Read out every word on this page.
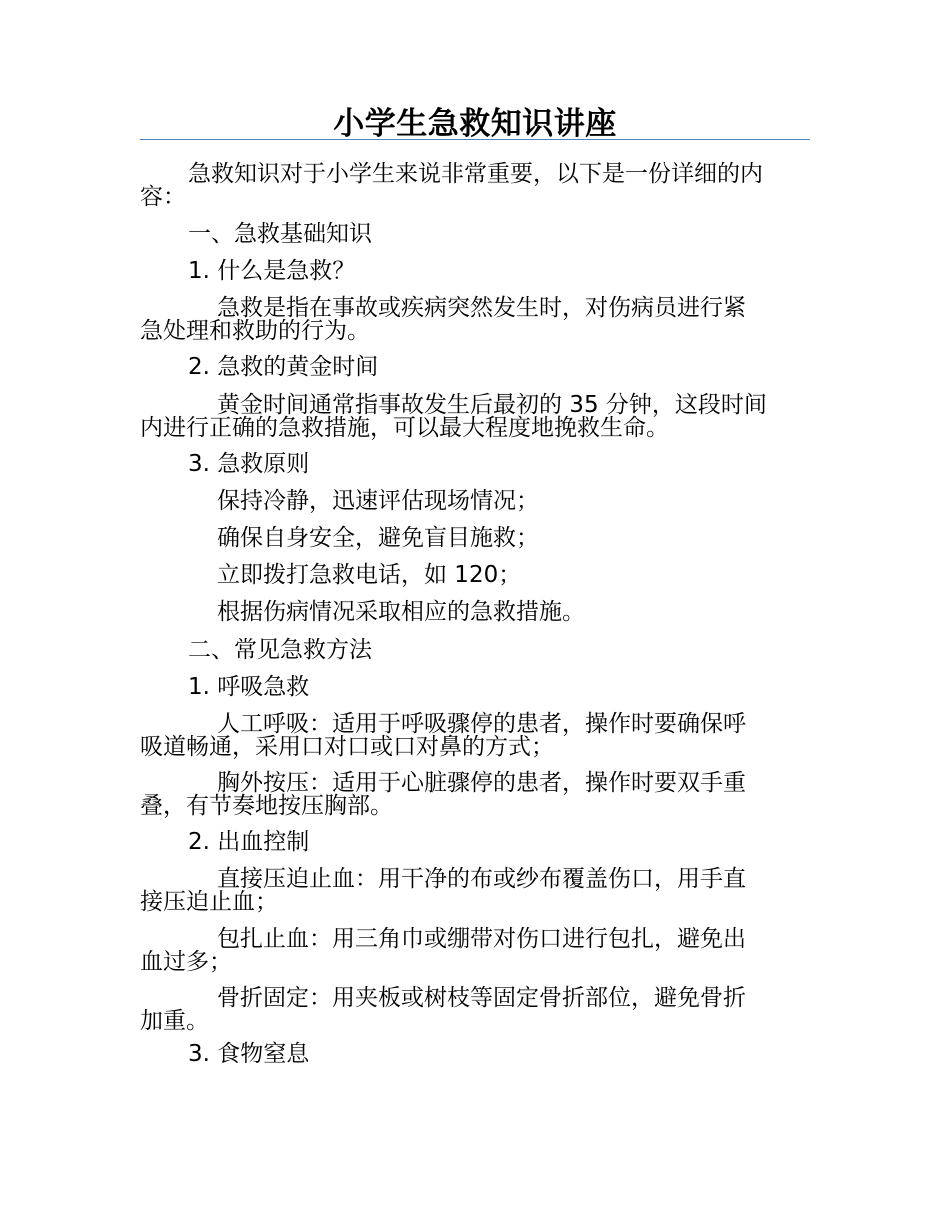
小学生急救知识讲座
急救知识对于小学生来说非常重要，以下是一份详细的内
容：
一、急救基础知识
1. 什么是急救？
急救是指在事故或疾病突然发生时，对伤病员进行紧
急处理和救助的行为。
2. 急救的黄金时间
黄金时间通常指事故发生后最初的 35 分钟，这段时间
内进行正确的急救措施，可以最大程度地挽救生命。
3. 急救原则
保持冷静，迅速评估现场情况；
确保自身安全，避免盲目施救；
立即拨打急救电话，如 120；
根据伤病情况采取相应的急救措施。
二、常见急救方法
1. 呼吸急救
人工呼吸：适用于呼吸骤停的患者，操作时要确保呼
吸道畅通，采用口对口或口对鼻的方式；
胸外按压：适用于心脏骤停的患者，操作时要双手重
叠，有节奏地按压胸部。
2. 出血控制
直接压迫止血：用干净的布或纱布覆盖伤口，用手直
接压迫止血；
包扎止血：用三角巾或绷带对伤口进行包扎，避免出
血过多；
骨折固定：用夹板或树枝等固定骨折部位，避免骨折
加重。
3. 食物窒息
